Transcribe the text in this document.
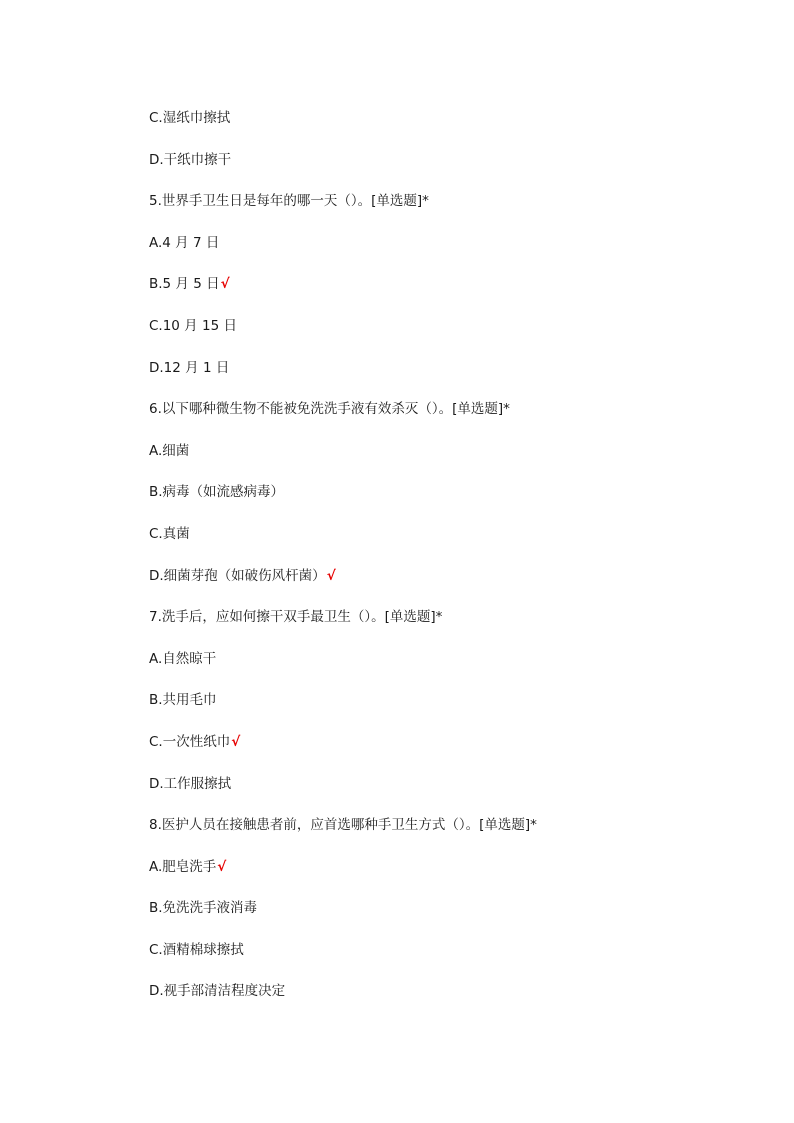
C.湿纸巾擦拭
D.干纸巾擦干
5.世界手卫生日是每年的哪一天（）。[单选题]*
A.4 月 7 日
B.5 月 5 日√
C.10 月 15 日
D.12 月 1 日
6.以下哪种微生物不能被免洗洗手液有效杀灭（）。[单选题]*
A.细菌
B.病毒（如流感病毒）
C.真菌
D.细菌芽孢（如破伤风杆菌）√
7.洗手后，应如何擦干双手最卫生（）。[单选题]*
A.自然晾干
B.共用毛巾
C.一次性纸巾√
D.工作服擦拭
8.医护人员在接触患者前，应首选哪种手卫生方式（）。[单选题]*
A.肥皂洗手√
B.免洗洗手液消毒
C.酒精棉球擦拭
D.视手部清洁程度决定
